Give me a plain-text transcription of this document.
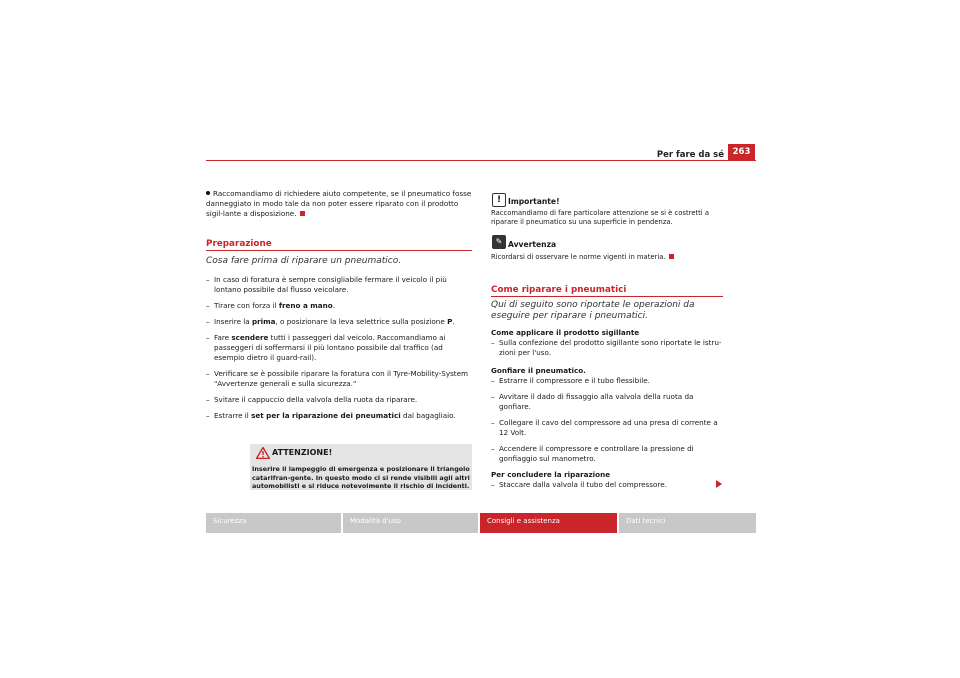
Per fare da sé	263
Raccomandiamo di richiedere aiuto competente, se il pneumatico fosse danneggiato in modo tale da non poter essere riparato con il prodotto sigil-lante a disposizione.
Preparazione
Cosa fare prima di riparare un pneumatico.
– In caso di foratura è sempre consigliabile fermare il veicolo il più lontano possibile dal flusso veicolare.
– Tirare con forza il freno a mano.
– Inserire la prima, o posizionare la leva selettrice sulla posizione P.
– Fare scendere tutti i passeggeri dal veicolo. Raccomandiamo ai passeggeri di soffermarsi il più lontano possibile dal traffico (ad esempio dietro il guard-rail).
– Verificare se è possibile riparare la foratura con il Tyre-Mobility-System "Avvertenze generali e sulla sicurezza."
– Svitare il cappuccio della valvola della ruota da riparare.
– Estrarre il set per la riparazione dei pneumatici dal bagagliaio.
ATTENZIONE!
Inserire il lampeggio di emergenza e posizionare il triangolo catarifran-gente. In questo modo ci si rende visibili agli altri automobilisti e si riduce notevolmente il rischio di incidenti.
! Importante!
Raccomandiamo di fare particolare attenzione se si è costretti a riparare il pneumatico su una superficie in pendenza.
✎ Avvertenza
Ricordarsi di osservare le norme vigenti in materia.
Come riparare i pneumatici
Qui di seguito sono riportate le operazioni da eseguire per riparare i pneumatici.

Come applicare il prodotto sigillante

– Sulla confezione del prodotto sigillante sono riportate le istru-zioni per l'uso.

Gonfiare il pneumatico.

– Estrarre il compressore e il tubo flessibile.
– Avvitare il dado di fissaggio alla valvola della ruota da gonfiare.
– Collegare il cavo del compressore ad una presa di corrente a 12 Volt.
– Accendere il compressore e controllare la pressione di gonfiaggio sul manometro.

Per concludere la riparazione

– Staccare dalla valvola il tubo del compressore.
Sicurezza	Modalità d'uso	Consigli e assistenza	Dati tecnici
